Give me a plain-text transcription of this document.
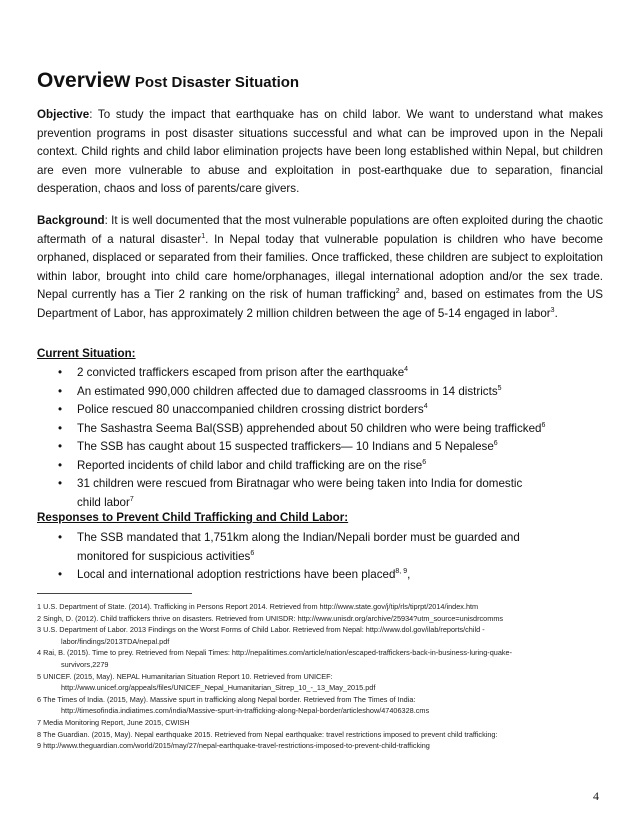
Overview Post Disaster Situation
Objective: To study the impact that earthquake has on child labor. We want to understand what makes prevention programs in post disaster situations successful and what can be improved upon in the Nepali context. Child rights and child labor elimination projects have been long established within Nepal, but children are even more vulnerable to abuse and exploitation in post-earthquake due to separation, financial desperation, chaos and loss of parents/care givers.
Background: It is well documented that the most vulnerable populations are often exploited during the chaotic aftermath of a natural disaster$^1$. In Nepal today that vulnerable population is children who have become orphaned, displaced or separated from their families. Once trafficked, these children are subject to exploitation within labor, brought into child care home/orphanages, illegal international adoption and/or the sex trade. Nepal currently has a Tier 2 ranking on the risk of human trafficking$^2$ and, based on estimates from the US Department of Labor, has approximately 2 million children between the age of 5-14 engaged in labor$^3$.
Current Situation:
• 2 convicted traffickers escaped from prison after the earthquake$^4$
• An estimated 990,000 children affected due to damaged classrooms in 14 districts$^5$
• Police rescued 80 unaccompanied children crossing district borders$^4$
• The Sashastra Seema Bal(SSB) apprehended about 50 children who were being trafficked$^6$
• The SSB has caught about 15 suspected traffickers— 10 Indians and 5 Nepalese$^6$
• Reported incidents of child labor and child trafficking are on the rise$^6$
• 31 children were rescued from Biratnagar who were being taken into India for domestic child labor$^7$
Responses to Prevent Child Trafficking and Child Labor:
• The SSB mandated that 1,751km along the Indian/Nepali border must be guarded and monitored for suspicious activities$^6$
• Local and international adoption restrictions have been placed$^{8, 9}$,
1 U.S. Department of State. (2014). Trafficking in Persons Report 2014. Retrieved from http://www.state.gov/j/tip/rls/tiprpt/2014/index.htm
2 Singh, D. (2012). Child traffickers thrive on disasters. Retrieved from UNISDR: http://www.unisdr.org/archive/25934?utm_source=unisdrcomms
3 U.S. Department of Labor. 2013 Findings on the Worst Forms of Child Labor. Retrieved from Nepal: http://www.dol.gov/ilab/reports/child -
labor/findings/2013TDA/nepal.pdf
4 Rai, B. (2015). Time to prey. Retrieved from Nepali Times: http://nepalitimes.com/article/nation/escaped-traffickers-back-in-business-luring-quake-
survivors,2279
5 UNICEF. (2015, May). NEPAL Humanitarian Situation Report 10. Retrieved from UNICEF:
http://www.unicef.org/appeals/files/UNICEF_Nepal_Humanitarian_Sitrep_10_-_13_May_2015.pdf
6 The Times of India. (2015, May). Massive spurt in trafficking along Nepal border. Retrieved from The Times of India:
http://timesofindia.indiatimes.com/india/Massive-spurt-in-trafficking-along-Nepal-border/articleshow/47406328.cms
7 Media Monitoring Report, June 2015, CWISH
8 The Guardian. (2015, May). Nepal earthquake 2015. Retrieved from Nepal earthquake: travel restrictions imposed to prevent child trafficking:
9 http://www.theguardian.com/world/2015/may/27/nepal-earthquake-travel-restrictions-imposed-to-prevent-child-trafficking
4
